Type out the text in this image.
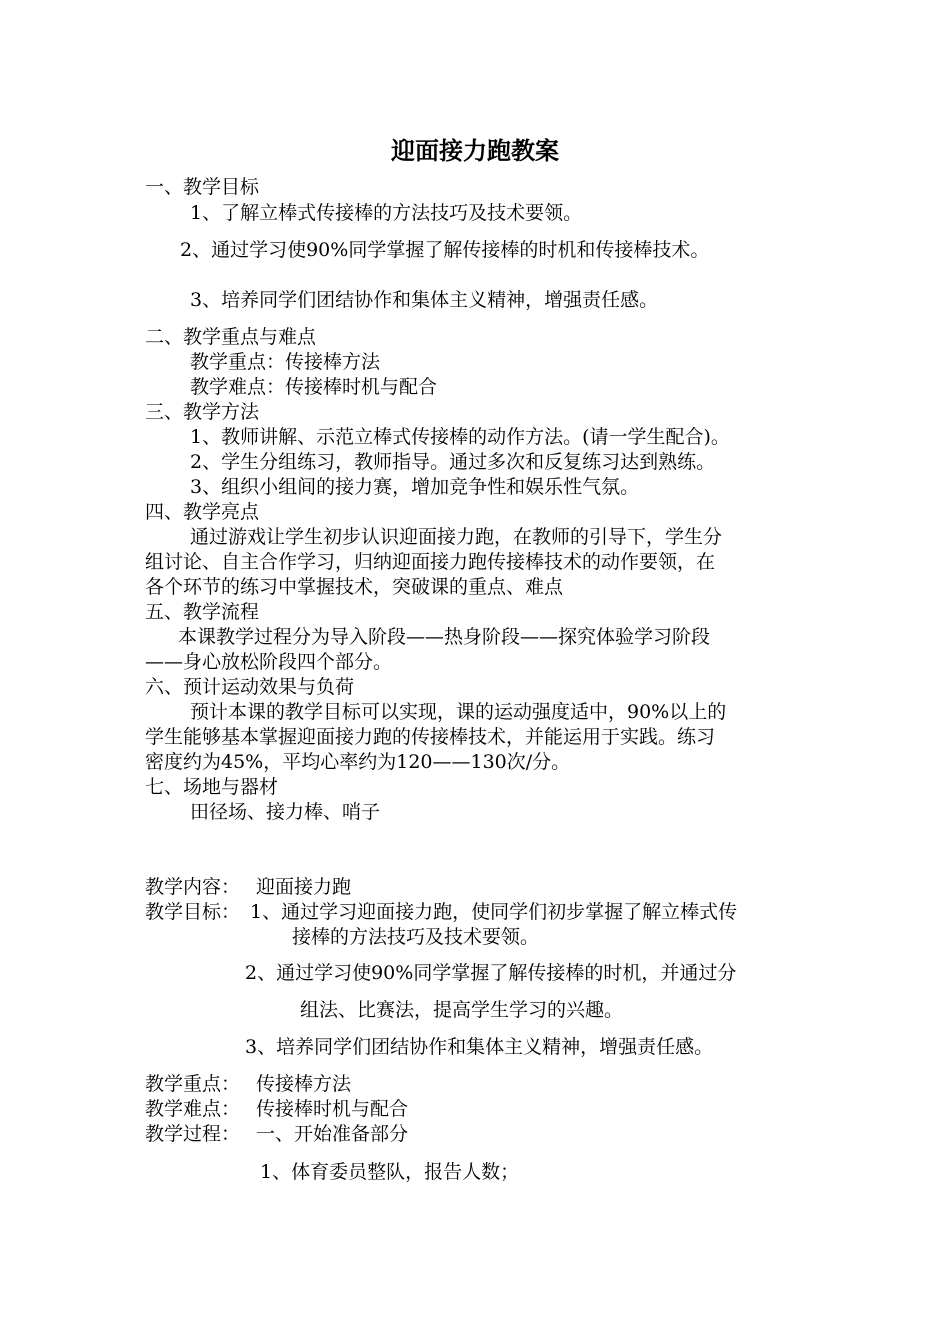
迎面接力跑教案
一、教学目标
1、了解立棒式传接棒的方法技巧及技术要领。
2、通过学习使90%同学掌握了解传接棒的时机和传接棒技术。
3、培养同学们团结协作和集体主义精神，增强责任感。
二、教学重点与难点
教学重点：传接棒方法
教学难点：传接棒时机与配合
三、教学方法
1、教师讲解、示范立棒式传接棒的动作方法。(请一学生配合)。
2、学生分组练习，教师指导。通过多次和反复练习达到熟练。
3、组织小组间的接力赛，增加竞争性和娱乐性气氛。
四、教学亮点
通过游戏让学生初步认识迎面接力跑，在教师的引导下，学生分
组讨论、自主合作学习，归纳迎面接力跑传接棒技术的动作要领，在
各个环节的练习中掌握技术，突破课的重点、难点
五、教学流程
本课教学过程分为导入阶段——热身阶段——探究体验学习阶段
——身心放松阶段四个部分。
六、预计运动效果与负荷
预计本课的教学目标可以实现，课的运动强度适中，90%以上的
学生能够基本掌握迎面接力跑的传接棒技术，并能运用于实践。练习
密度约为45%，平均心率约为120——130次/分。
七、场地与器材
田径场、接力棒、哨子
教学内容： 迎面接力跑
教学目标： 1、通过学习迎面接力跑，使同学们初步掌握了解立棒式传
接棒的方法技巧及技术要领。
2、通过学习使90%同学掌握了解传接棒的时机，并通过分
组法、比赛法，提高学生学习的兴趣。
3、培养同学们团结协作和集体主义精神，增强责任感。
教学重点： 传接棒方法
教学难点： 传接棒时机与配合
教学过程： 一、开始准备部分
1、体育委员整队，报告人数；
